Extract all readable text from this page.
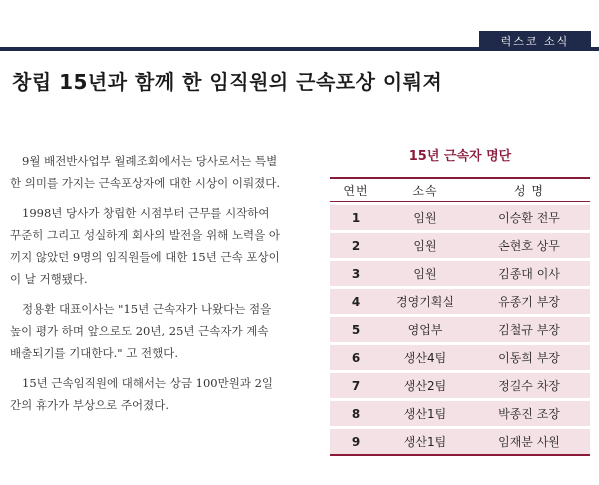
럭스코 소식
창립 15년과 함께 한 임직원의 근속포상 이뤄져

9월 배전반사업부 월례조회에서는 당사로서는 특별한 의미를 가지는 근속포상자에 대한 시상이 이뤄졌다.

1998년 당사가 창립한 시점부터 근무를 시작하여 꾸준히 그리고 성실하게 회사의 발전을 위해 노력을 아끼지 않았던 9명의 임직원들에 대한 15년 근속 포상이 이 날 거행됐다.

정용환 대표이사는 "15년 근속자가 나왔다는 점을 높이 평가 하며 앞으로도 20년, 25년 근속자가 계속 배출되기를 기대한다." 고 전했다.

15년 근속임직원에 대해서는 상금 100만원과 2일간의 휴가가 부상으로 주어졌다.

15년 근속자 명단
연번	소속	성 명
1	임원	이승환 전무
2	임원	손현호 상무
3	임원	김종대 이사
4	경영기획실	유종기 부장
5	영업부	김철규 부장
6	생산4팀	이동희 부장
7	생산2팀	정길수 차장
8	생산1팀	박종진 조장
9	생산1팀	임재분 사원
